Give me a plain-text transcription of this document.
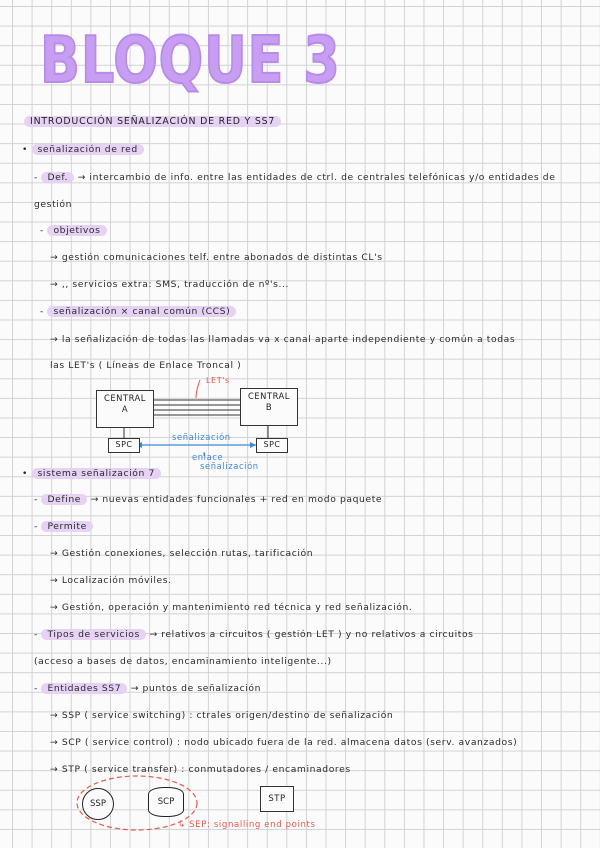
BLOQUE 3
INTRODUCCIÓN SEÑALIZACIÓN DE RED Y SS7
• señalización de red
- Def. → intercambio de info. entre las entidades de ctrl. de centrales telefónicas y/o entidades de
gestión
- objetivos
→ gestión comunicaciones telf. entre abonados de distintas CL's
→ ,, servicios extra: SMS, traducción de nº's...
- señalización × canal común (CCS)
→ la señalización de todas las llamadas va x canal aparte independiente y común a todas
las LET's ( Líneas de Enlace Troncal )
CENTRAL
A
CENTRAL
B
LET's
SPC	SPC
señalización
enlace
señalización
• sistema señalización 7
- Define → nuevas entidades funcionales + red en modo paquete
- Permite
→ Gestión conexiones, selección rutas, tarificación
→ Localización móviles.
→ Gestión, operación y mantenimiento red técnica y red señalización.
- Tipos de servicios → relativos a circuitos ( gestión LET ) y no relativos a circuitos
(acceso a bases de datos, encaminamiento inteligente...)
- Entidades SS7 → puntos de señalización
→ SSP ( service switching) : ctrales origen/destino de señalización
→ SCP ( service control) : nodo ubicado fuera de la red. almacena datos (serv. avanzados)
→ STP ( service transfer) : conmutadores / encaminadores
SSP	SCP	STP
↳ SEP: signalling end points
